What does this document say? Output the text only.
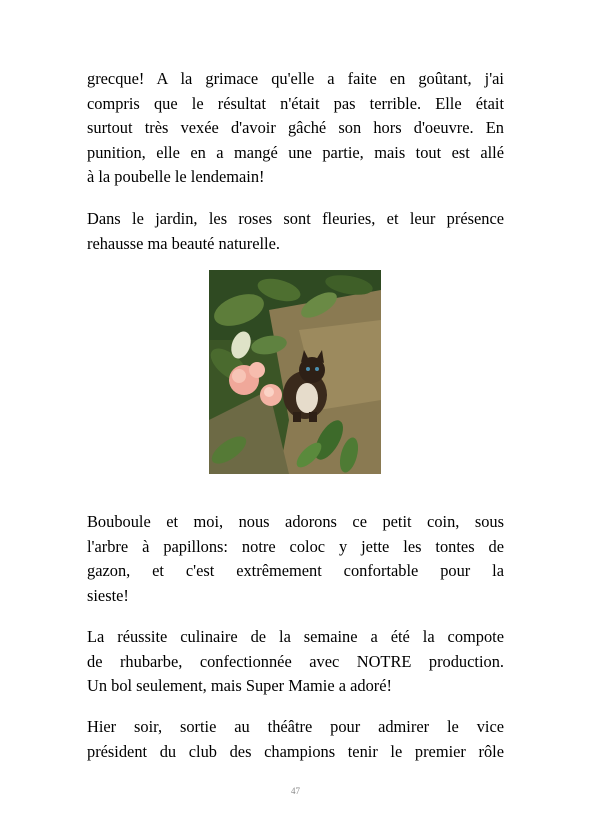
grecque! A la grimace qu'elle a faite en goûtant, j'ai
compris que le résultat n'était pas terrible. Elle était
surtout très vexée d'avoir gâché son hors d'oeuvre. En
punition, elle en a mangé une partie, mais tout est allé
à la poubelle le lendemain!
Dans le jardin, les roses sont fleuries, et leur présence
rehausse ma beauté naturelle.
Bouboule et moi, nous adorons ce petit coin, sous
l'arbre à papillons: notre coloc y jette les tontes de
gazon, et c'est extrêmement confortable pour la
sieste!
La réussite culinaire de la semaine a été la compote
de rhubarbe, confectionnée avec NOTRE production.
Un bol seulement, mais Super Mamie a adoré!
Hier soir, sortie au théâtre pour admirer le vice
président du club des champions tenir le premier rôle
47
